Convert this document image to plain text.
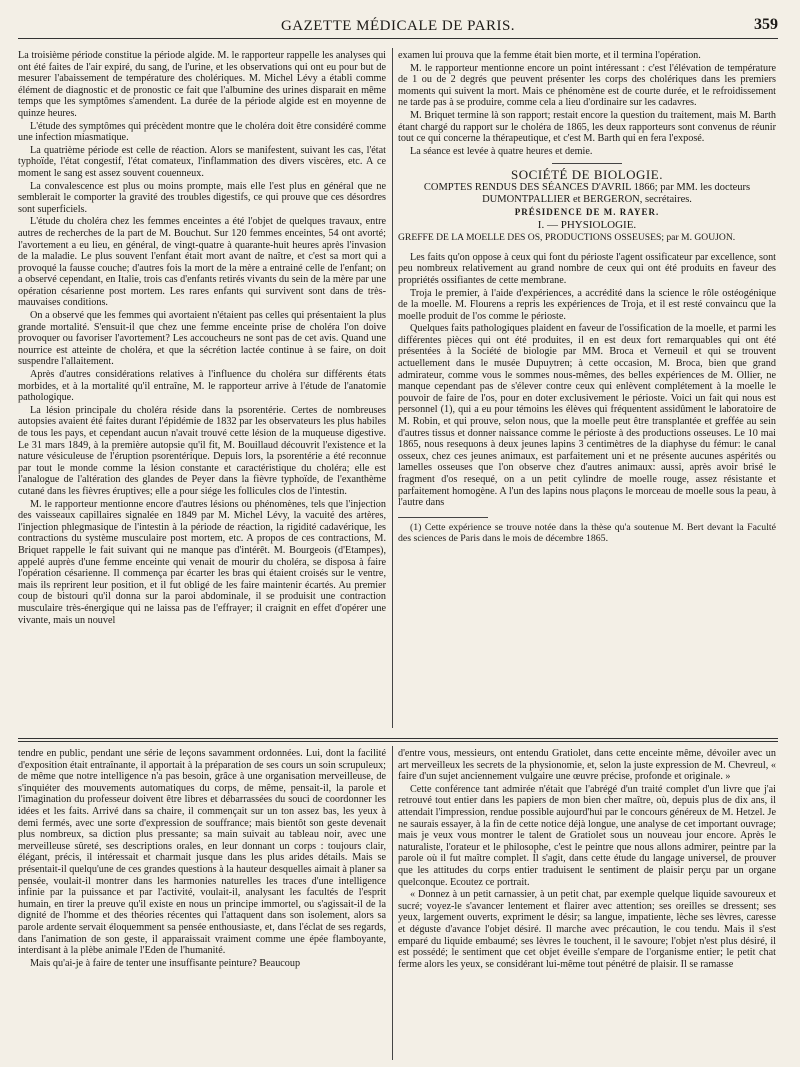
GAZETTE MÉDICALE DE PARIS.	359

La troisième période constitue la période algide. M. le rapporteur rappelle les analyses qui ont été faites de l'air expiré, du sang, de l'urine, et les observations qui ont eu pour but de mesurer l'abaissement de température des cholériques. M. Michel Lévy a établi comme élément de diagnostic et de pronostic ce fait que l'albumine des urines disparait en même temps que les symptômes s'amendent. La durée de la période algide est en moyenne de quinze heures.

L'étude des symptômes qui précèdent montre que le choléra doit être considéré comme une infection miasmatique.

La quatrième période est celle de réaction. Alors se manifestent, suivant les cas, l'état typhoïde, l'état congestif, l'état comateux, l'inflammation des divers viscères, etc. A ce moment le sang est assez souvent couenneux.

La convalescence est plus ou moins prompte, mais elle l'est plus en général que ne semblerait le comporter la gravité des troubles digestifs, ce qui prouve que ces désordres sont superficiels.

L'étude du choléra chez les femmes enceintes a été l'objet de quelques travaux, entre autres de recherches de la part de M. Bouchut. Sur 120 femmes enceintes, 54 ont avorté; l'avortement a eu lieu, en général, de vingt-quatre à quarante-huit heures après l'invasion de la maladie. Le plus souvent l'enfant était mort avant de naître, et c'est sa mort qui a provoqué la fausse couche; d'autres fois la mort de la mère a entrainé celle de l'enfant; on a observé cependant, en Italie, trois cas d'enfants retirés vivants du sein de la mère par une opération césarienne post mortem. Les rares enfants qui survivent sont dans de très-mauvaises conditions.

On a observé que les femmes qui avortaient n'étaient pas celles qui présentaient la plus grande mortalité. S'ensuit-il que chez une femme enceinte prise de choléra l'on doive provoquer ou favoriser l'avortement? Les accoucheurs ne sont pas de cet avis. Quand une nourrice est atteinte de choléra, et que la sécrétion lactée continue à se faire, on doit suspendre l'allaitement.

Après d'autres considérations relatives à l'influence du choléra sur différents états morbides, et à la mortalité qu'il entraîne, M. le rapporteur arrive à l'étude de l'anatomie pathologique.

La lésion principale du choléra réside dans la psorentérie. Certes de nombreuses autopsies avaient été faites durant l'épidémie de 1832 par les observateurs les plus habiles de tous les pays, et cependant aucun n'avait trouvé cette lésion de la muqueuse digestive. Le 31 mars 1849, à la première autopsie qu'il fit, M. Bouillaud découvrit l'existence et la nature vésiculeuse de l'éruption psorentérique. Depuis lors, la psorentérie a été reconnue par tout le monde comme la lésion constante et caractéristique du choléra; elle est l'analogue de l'altération des glandes de Peyer dans la fièvre typhoïde, de l'exanthème cutané dans les fièvres éruptives; elle a pour siége les follicules clos de l'intestin.

M. le rapporteur mentionne encore d'autres lésions ou phénomènes, tels que l'injection des vaisseaux capillaires signalée en 1849 par M. Michel Lévy, la vacuité des artères, l'injection phlegmasique de l'intestin à la période de réaction, la rigidité cadavérique, les contractions du système musculaire post mortem, etc. A propos de ces contractions, M. Briquet rappelle le fait suivant qui ne manque pas d'intérêt. M. Bourgeois (d'Etampes), appelé auprès d'une femme enceinte qui venait de mourir du choléra, se disposa à faire l'opération césarienne. Il commença par écarter les bras qui étaient croisés sur le ventre, mais ils reprirent leur position, et il fut obligé de les faire maintenir écartés. Au premier coup de bistouri qu'il donna sur la paroi abdominale, il se produisit une contraction musculaire très-énergique qui ne laissa pas de l'effrayer; il craignit en effet d'opérer une vivante, mais un nouvel

examen lui prouva que la femme était bien morte, et il termina l'opération.

M. le rapporteur mentionne encore un point intéressant : c'est l'élévation de température de 1 ou de 2 degrés que peuvent présenter les corps des cholériques dans les premiers moments qui suivent la mort. Mais ce phénomène est de courte durée, et le refroidissement ne tarde pas à se produire, comme cela a lieu d'ordinaire sur les cadavres.

M. Briquet termine là son rapport; restait encore la question du traitement, mais M. Barth étant chargé du rapport sur le choléra de 1865, les deux rapporteurs sont convenus de réunir tout ce qui concerne la thérapeutique, et c'est M. Barth qui en fera l'exposé.

La séance est levée à quatre heures et demie.

SOCIÉTÉ DE BIOLOGIE.

COMPTES RENDUS DES SÉANCES D'AVRIL 1866; par MM. les docteurs DUMONTPALLIER et BERGERON, secrétaires.

PRÉSIDENCE DE M. RAYER.

I. — PHYSIOLOGIE.

GREFFE DE LA MOELLE DES OS, PRODUCTIONS OSSEUSES; par M. GOUJON.

Les faits qu'on oppose à ceux qui font du périoste l'agent ossificateur par excellence, sont peu nombreux relativement au grand nombre de ceux qui ont été produits en faveur des propriétés ossifiantes de cette membrane.

Troja le premier, à l'aide d'expériences, a accrédité dans la science le rôle ostéogénique de la moelle. M. Flourens a repris les expériences de Troja, et il est resté convaincu que la moelle produit de l'os comme le périoste.

Quelques faits pathologiques plaident en faveur de l'ossification de la moelle, et parmi les différentes pièces qui ont été produites, il en est deux fort remarquables qui ont été présentées à la Société de biologie par MM. Broca et Verneuil et qui se trouvent actuellement dans le musée Dupuytren; à cette occasion, M. Broca, bien que grand admirateur, comme vous le sommes nous-mêmes, des belles expériences de M. Ollier, ne manque cependant pas de s'élever contre ceux qui enlèvent complétement à la moelle le pouvoir de faire de l'os, pour en doter exclusivement le périoste. Voici un fait qui nous est personnel (1), qui a eu pour témoins les élèves qui fréquentent assidûment le laboratoire de M. Robin, et qui prouve, selon nous, que la moelle peut être transplantée et greffée au sein d'autres tissus et donner naissance comme le périoste à des productions osseuses. Le 10 mai 1865, nous resequons à deux jeunes lapins 3 centimètres de la diaphyse du fémur: le canal osseux, chez ces jeunes animaux, est parfaitement uni et ne présente aucunes aspérités ou lamelles osseuses que l'on observe chez d'autres animaux: aussi, après avoir brisé le fragment d'os resequé, on a un petit cylindre de moelle rouge, assez résistante et parfaitement homogène. A l'un des lapins nous plaçons le morceau de moelle sous la peau, à l'autre dans

(1) Cette expérience se trouve notée dans la thèse qu'a soutenue M. Bert devant la Faculté des sciences de Paris dans le mois de décembre 1865.

tendre en public, pendant une série de leçons savamment ordonnées. Lui, dont la facilité d'exposition était entraînante, il apportait à la préparation de ses cours un soin scrupuleux; de même que notre intelligence n'a pas besoin, grâce à une organisation merveilleuse, de s'inquiéter des mouvements automatiques du corps, de même, pensait-il, la parole et l'imagination du professeur doivent être libres et débarrassées du souci de coordonner les idées et les faits. Arrivé dans sa chaire, il commençait sur un ton assez bas, les yeux à demi fermés, avec une sorte d'expression de souffrance; mais bientôt son geste devenait plus nombreux, sa diction plus pressante; sa main suivait au tableau noir, avec une merveilleuse sûreté, ses descriptions orales, en leur donnant un corps : toujours clair, élégant, précis, il intéressait et charmait jusque dans les plus arides détails. Mais se présentait-il quelqu'une de ces grandes questions à la hauteur desquelles aimait à planer sa pensée, voulait-il montrer dans les harmonies naturelles les traces d'une intelligence infinie par la puissance et par l'activité, voulait-il, analysant les facultés de l'esprit humain, en tirer la preuve qu'il existe en nous un principe immortel, ou s'agissait-il de la dignité de l'homme et des théories récentes qui l'attaquent dans son isolement, alors sa parole ardente servait éloquemment sa pensée enthousiaste, et, dans l'éclat de ses regards, dans l'animation de son geste, il apparaissait vraiment comme une épée flamboyante, interdisant à la plèbe animale l'Eden de l'humanité.

Mais qu'ai-je à faire de tenter une insuffisante peinture? Beaucoup

d'entre vous, messieurs, ont entendu Gratiolet, dans cette enceinte même, dévoiler avec un art merveilleux les secrets de la physionomie, et, selon la juste expression de M. Chevreul, « faire d'un sujet anciennement vulgaire une œuvre précise, profonde et originale. »

Cette conférence tant admirée n'était que l'abrégé d'un traité complet d'un livre que j'ai retrouvé tout entier dans les papiers de mon bien cher maître, où, depuis plus de dix ans, il attendait l'impression, rendue possible aujourd'hui par le concours généreux de M. Hetzel. Je ne saurais essayer, à la fin de cette notice déjà longue, une analyse de cet important ouvrage; mais je veux vous montrer le talent de Gratiolet sous un nouveau jour encore. Après le naturaliste, l'orateur et le philosophe, c'est le peintre que nous allons admirer, peintre par la parole où il fut maître complet. Il s'agit, dans cette étude du langage universel, de prouver que les attitudes du corps entier traduisent le sentiment de plaisir perçu par un organe quelconque. Ecoutez ce portrait.

« Donnez à un petit carnassier, à un petit chat, par exemple quelque liquide savoureux et sucré; voyez-le s'avancer lentement et flairer avec attention; ses oreilles se dressent; ses yeux, largement ouverts, expriment le désir; sa langue, impatiente, lèche ses lèvres, caresse et déguste d'avance l'objet désiré. Il marche avec précaution, le cou tendu. Mais il s'est emparé du liquide embaumé; ses lèvres le touchent, il le savoure; l'objet n'est plus désiré, il est possédé; le sentiment que cet objet éveille s'empare de l'organisme entier; le petit chat ferme alors les yeux, se considérant lui-même tout pénétré de plaisir. Il se ramasse
